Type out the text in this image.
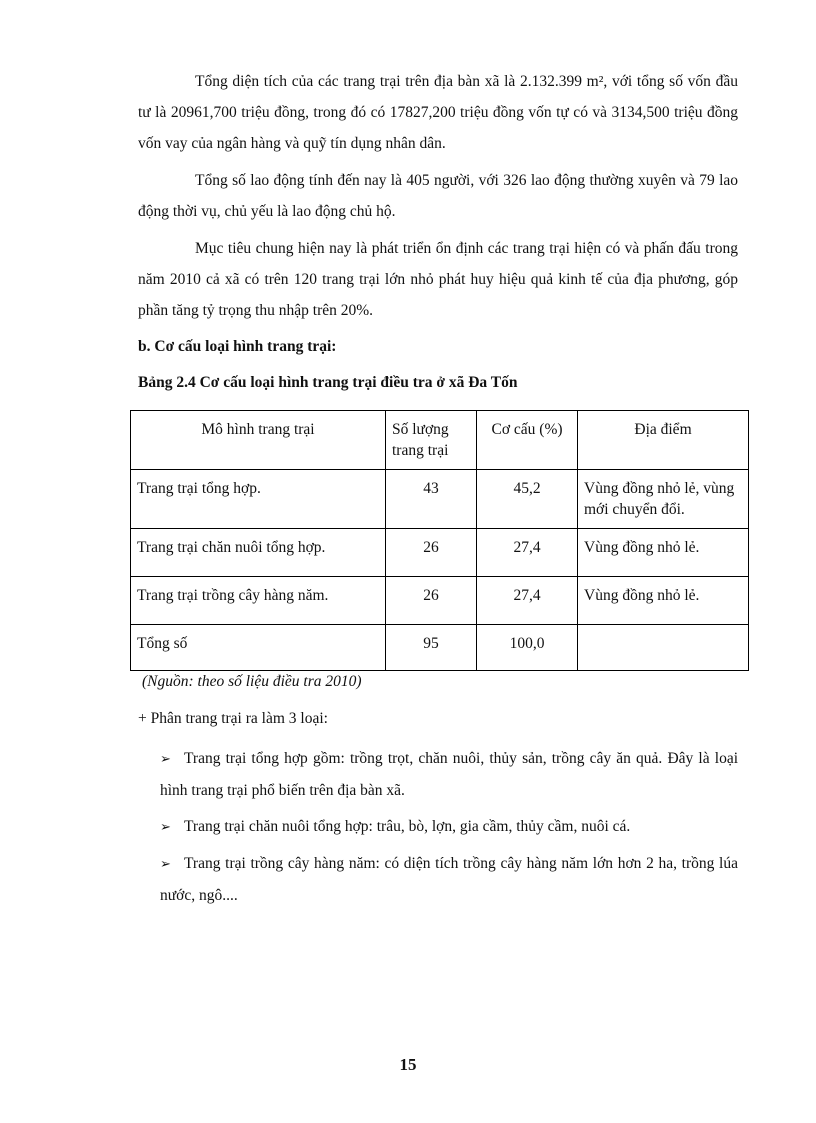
Tổng diện tích của các trang trại trên địa bàn xã là 2.132.399 m², với tổng số vốn đầu tư là 20961,700 triệu đồng, trong đó có 17827,200 triệu đồng vốn tự có và 3134,500 triệu đồng vốn vay của ngân hàng và quỹ tín dụng nhân dân.

Tổng số lao động tính đến nay là 405 người, với 326 lao động thường xuyên và 79 lao động thời vụ, chủ yếu là lao động chủ hộ.

Mục tiêu chung hiện nay là phát triển ổn định các trang trại hiện có và phấn đấu trong năm 2010 cả xã có trên 120 trang trại lớn nhỏ phát huy hiệu quả kinh tế của địa phương, góp phần tăng tỷ trọng thu nhập trên 20%.

b. Cơ cấu loại hình trang trại:

Bảng 2.4 Cơ cấu loại hình trang trại điều tra ở xã Đa Tốn

Mô hình trang trại	Số lượng trang trại	Cơ cấu (%)	Địa điểm
Trang trại tổng hợp.	43	45,2	Vùng đồng nhỏ lẻ, vùng mới chuyển đổi.
Trang trại chăn nuôi tổng hợp.	26	27,4	Vùng đồng nhỏ lẻ.
Trang trại trồng cây hàng năm.	26	27,4	Vùng đồng nhỏ lẻ.
Tổng số	95	100,0	

(Nguồn: theo số liệu điều tra 2010)

+ Phân trang trại ra làm 3 loại:

➢ Trang trại tổng hợp gồm: trồng trọt, chăn nuôi, thủy sản, trồng cây ăn quả. Đây là loại hình trang trại phổ biến trên địa bàn xã.

➢ Trang trại chăn nuôi tổng hợp: trâu, bò, lợn, gia cầm, thủy cầm, nuôi cá.

➢ Trang trại trồng cây hàng năm: có diện tích trồng cây hàng năm lớn hơn 2 ha, trồng lúa nước, ngô....

15
